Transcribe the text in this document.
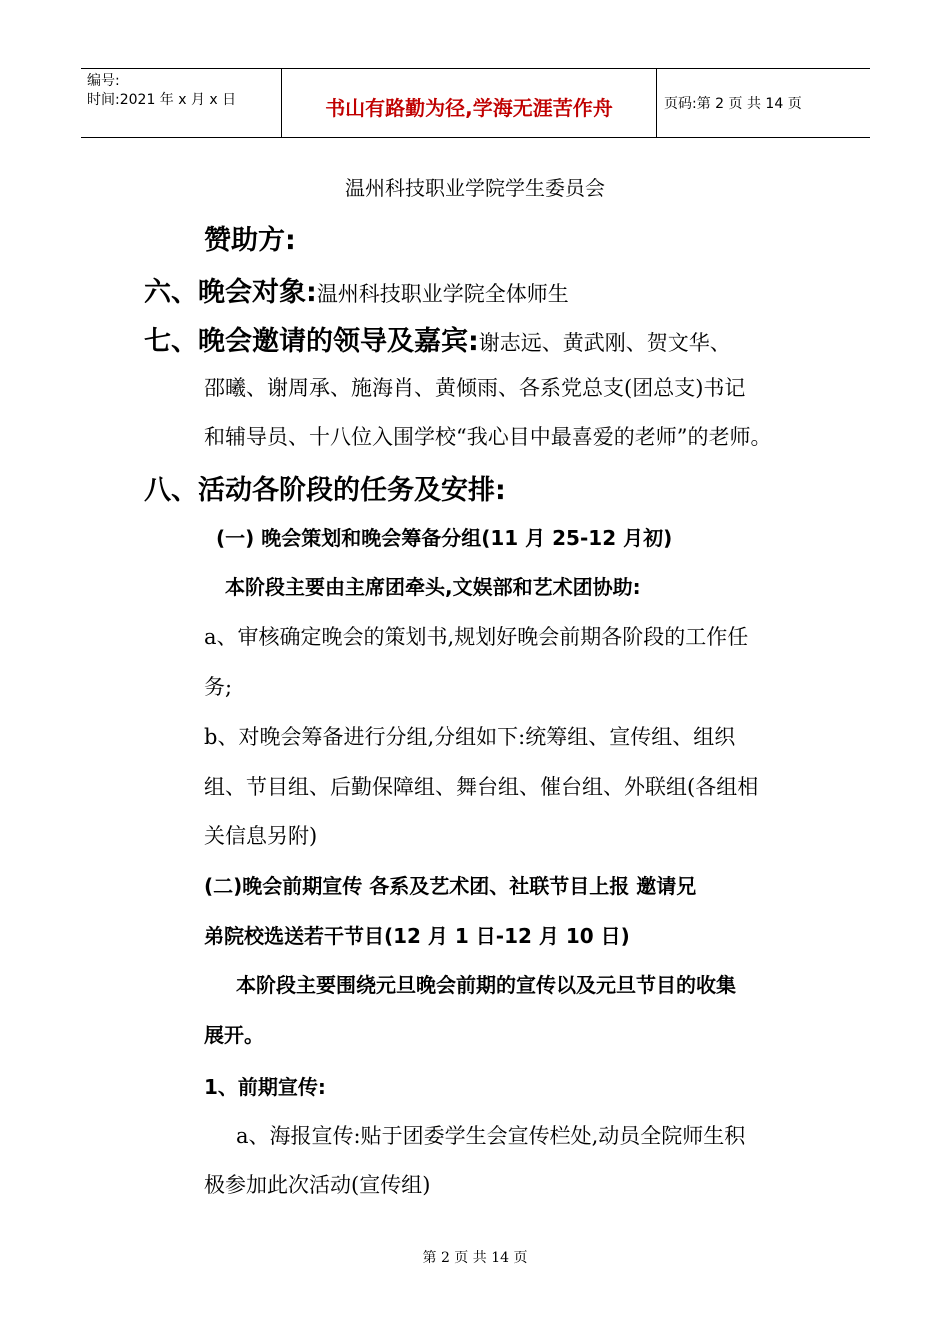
编号:
时间:2021 年 x 月 x 日	书山有路勤为径,学海无涯苦作舟	页码:第 2 页 共 14 页
温州科技职业学院学生委员会
赞助方:
六、晚会对象:温州科技职业学院全体师生
七、晚会邀请的领导及嘉宾:谢志远、黄武刚、贺文华、
邵曦、谢周承、施海肖、黄倾雨、各系党总支(团总支)书记
和辅导员、十八位入围学校“我心目中最喜爱的老师”的老师。
八、活动各阶段的任务及安排:
(一) 晚会策划和晚会筹备分组(11 月 25-12 月初)
本阶段主要由主席团牵头,文娱部和艺术团协助:
a、审核确定晚会的策划书,规划好晚会前期各阶段的工作任
务;
b、对晚会筹备进行分组,分组如下:统筹组、宣传组、组织
组、节目组、后勤保障组、舞台组、催台组、外联组(各组相
关信息另附)
(二)晚会前期宣传 各系及艺术团、社联节目上报 邀请兄
弟院校选送若干节目(12 月 1 日-12 月 10 日)
本阶段主要围绕元旦晚会前期的宣传以及元旦节目的收集
展开。
1、前期宣传:
a、海报宣传:贴于团委学生会宣传栏处,动员全院师生积
极参加此次活动(宣传组)
第 2 页 共 14 页
